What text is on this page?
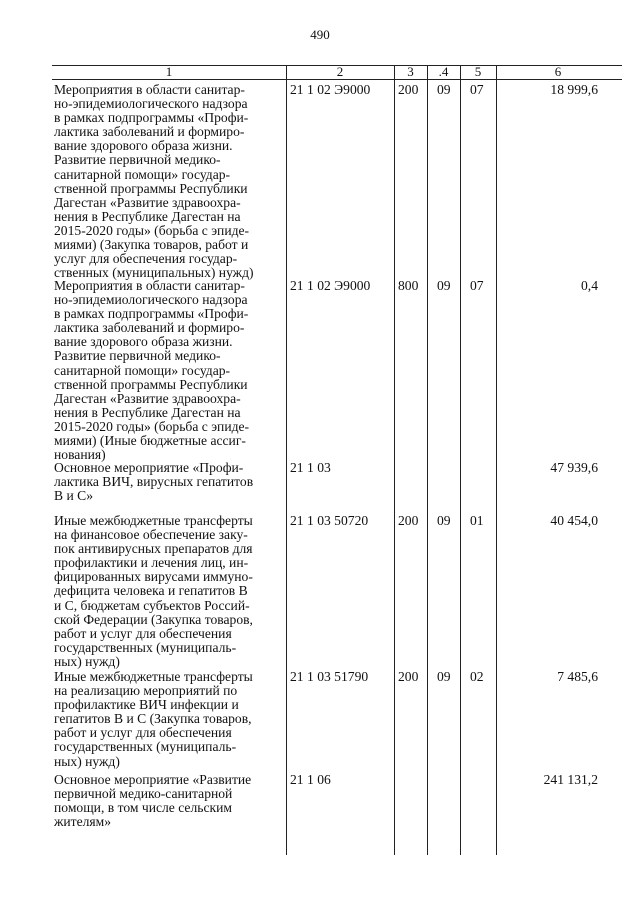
490
1	2	3	.4	5	6
Мероприятия в области санитар-
но-эпидемиологического надзора
в рамках подпрограммы «Профи-
лактика заболеваний и формиро-
вание здорового образа жизни.
Развитие первичной медико-
санитарной помощи» государ-
ственной программы Республики
Дагестан «Развитие здравоохра-
нения в Республике Дагестан на
2015-2020 годы» (борьба с эпиде-
миями) (Закупка товаров, работ и
услуг для обеспечения государ-
ственных (муниципальных) нужд)
21 1 02 Э9000 200 09 07	18 999,6
Мероприятия в области санитар-
но-эпидемиологического надзора
в рамках подпрограммы «Профи-
лактика заболеваний и формиро-
вание здорового образа жизни.
Развитие первичной медико-
санитарной помощи» государ-
ственной программы Республики
Дагестан «Развитие здравоохра-
нения в Республике Дагестан на
2015-2020 годы» (борьба с эпиде-
миями) (Иные бюджетные ассиг-
нования)
21 1 02 Э9000 800 09 07	0,4
Основное мероприятие «Профи-
лактика ВИЧ, вирусных гепатитов
В и С»
21 1 03	47 939,6
Иные межбюджетные трансферты
на финансовое обеспечение заку-
пок антивирусных препаратов для
профилактики и лечения лиц, ин-
фицированных вирусами иммуно-
дефицита человека и гепатитов В
и С, бюджетам субъектов Россий-
ской Федерации (Закупка товаров,
работ и услуг для обеспечения
государственных (муниципаль-
ных) нужд)
21 1 03 50720 200 09 01	40 454,0
Иные межбюджетные трансферты
на реализацию мероприятий по
профилактике ВИЧ инфекции и
гепатитов В и С (Закупка товаров,
работ и услуг для обеспечения
государственных (муниципаль-
ных) нужд)
21 1 03 51790 200 09 02	7 485,6
Основное мероприятие «Развитие
первичной медико-санитарной
помощи, в том числе сельским
жителям»
21 1 06	241 131,2
